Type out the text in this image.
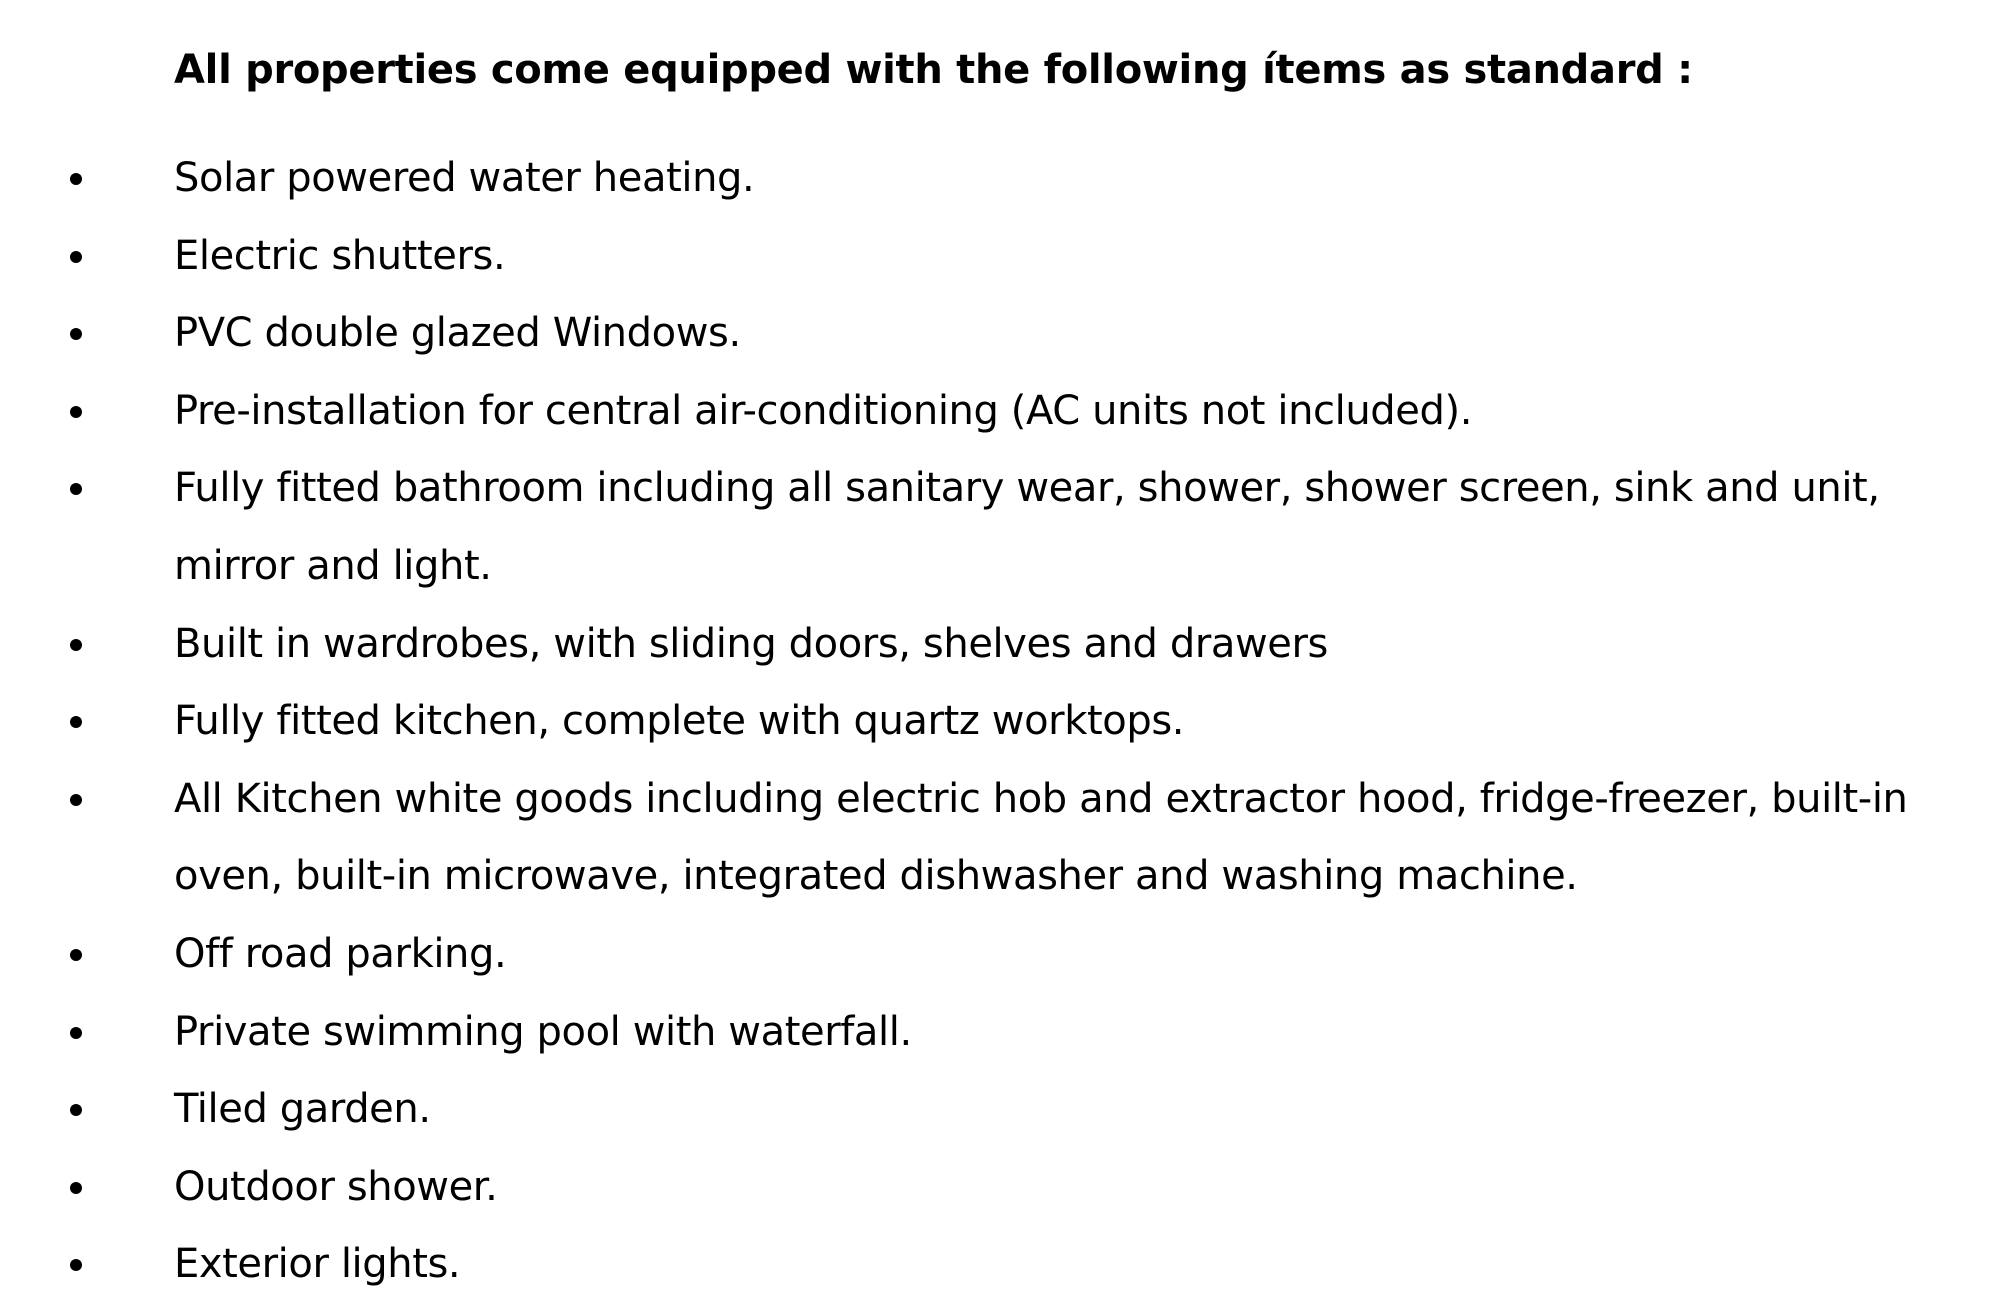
All properties come equipped with the following ítems as standard :
Solar powered water heating.
Electric shutters.
PVC double glazed Windows.
Pre-installation for central air-conditioning (AC units not included).
Fully fitted bathroom including all sanitary wear, shower, shower screen, sink and unit, mirror and light.
Built in wardrobes, with sliding doors, shelves and drawers
Fully fitted kitchen, complete with quartz worktops.
All Kitchen white goods including electric hob and extractor hood, fridge-freezer, built-in oven, built-in microwave, integrated dishwasher and washing machine.
Off road parking.
Private swimming pool with waterfall.
Tiled garden.
Outdoor shower.
Exterior lights.
